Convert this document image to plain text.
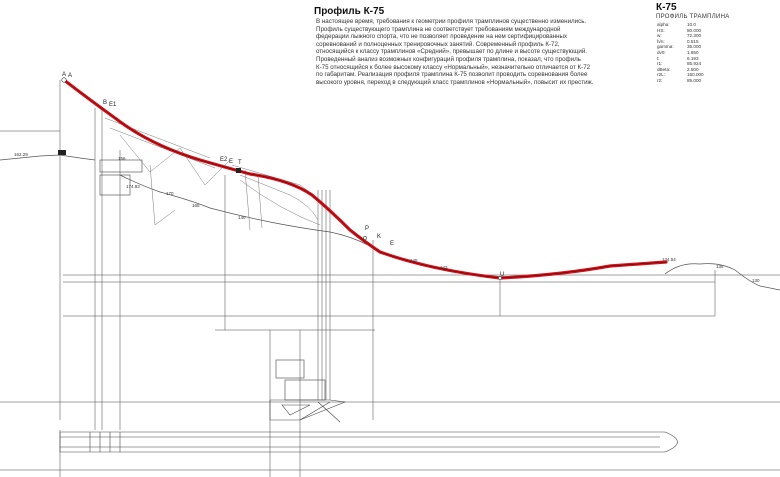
Профиль К-75
В настоящее время, требования к геометрии профиля трамплинов существенно изменились. Профиль существующего трамплина не соответствует требованиям международной федерации лыжного спорта, что не позволяет проведение на нем сертифицированных соревнований и полноценных тренировочных занятий. Современный профиль К-72, относящийся к классу трамплинов «Средний», превышает по длине и высоте существующий. Проведенный анализ возможных конфигураций профиля трамплина, показал, что профиль К-75 относящийся к более высокому классу «Нормальный», незначительно отличается от К-72 по габаритам. Реализация профиля трамплина К-75 позволит проводить соревнования более высокого уровня, переход в следующий класс трамплинов «Нормальный», повысит их престиж.
К-75
ПРОФИЛЬ ТРАМПЛИНА
alpha:	10.0
HS:	80.000
w:	72.300
h/n:	0.515
gamma:	35.000
dv0:	1.650
t:	6.193
r1:	85.924
dBeta:	2.500
r2L:	150.000
r2:	85.000
A A
B E1
E2 E T
P
K
E
U
162.29
156
174.93
170
165
140
145
143
134.54
130
135
